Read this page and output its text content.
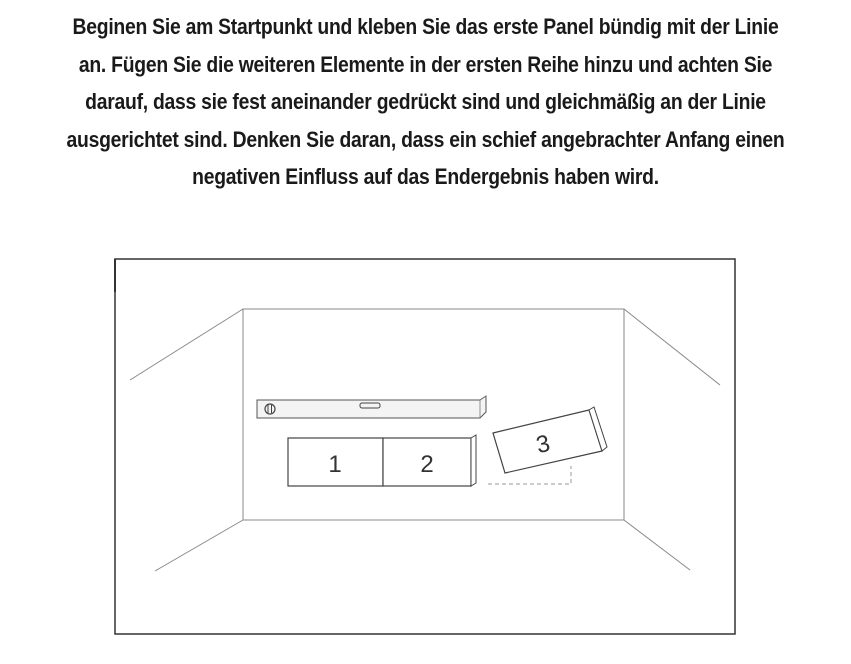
Beginen Sie am Startpunkt und kleben Sie das erste Panel bündig mit der Linie
an. Fügen Sie die weiteren Elemente in der ersten Reihe hinzu und achten Sie
darauf, dass sie fest aneinander gedrückt sind und gleichmäßig an der Linie
ausgerichtet sind. Denken Sie daran, dass ein schief angebrachter Anfang einen
negativen Einfluss auf das Endergebnis haben wird.
1	2
3
